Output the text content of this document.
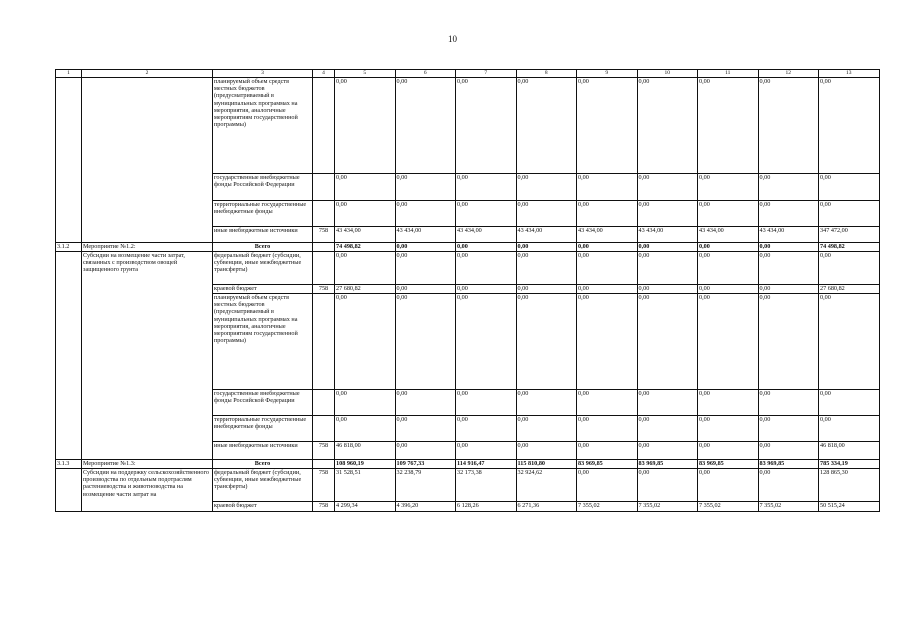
10
1	2	3	4	5	6	7	8	9	10	11	12	13
		планируемый объем средств местных бюджетов (предусматриваемый в муниципальных программах на мероприятия, аналогичные мероприятиям государственной программы)		0,00	0,00	0,00	0,00	0,00	0,00	0,00	0,00	0,00
		государственные внебюджетные фонды Российской Федерации		0,00	0,00	0,00	0,00	0,00	0,00	0,00	0,00	0,00
		территориальные государственные внебюджетные фонды		0,00	0,00	0,00	0,00	0,00	0,00	0,00	0,00	0,00
		иные внебюджетные источники	758	43 434,00	43 434,00	43 434,00	43 434,00	43 434,00	43 434,00	43 434,00	43 434,00	347 472,00
3.1.2	Мероприятие №1.2:	Всего		74 498,82	0,00	0,00	0,00	0,00	0,00	0,00	0,00	74 498,82
	Субсидии на возмещение части затрат, связанных с производством овощей защищенного грунта	федеральный бюджет (субсидии, субвенции, иные межбюджетные трансферты)		0,00	0,00	0,00	0,00	0,00	0,00	0,00	0,00	0,00
		краевой бюджет	758	27 680,82	0,00	0,00	0,00	0,00	0,00	0,00	0,00	27 680,82
		планируемый объем средств местных бюджетов (предусматриваемый в муниципальных программах на мероприятия, аналогичные мероприятиям государственной программы)		0,00	0,00	0,00	0,00	0,00	0,00	0,00	0,00	0,00
		государственные внебюджетные фонды Российской Федерации		0,00	0,00	0,00	0,00	0,00	0,00	0,00	0,00	0,00
		территориальные государственные внебюджетные фонды		0,00	0,00	0,00	0,00	0,00	0,00	0,00	0,00	0,00
		иные внебюджетные источники	758	46 818,00	0,00	0,00	0,00	0,00	0,00	0,00	0,00	46 818,00
3.1.3	Мероприятие №1.3:	Всего		108 960,19	109 767,33	114 916,47	115 810,80	83 969,85	83 969,85	83 969,85	83 969,85	785 334,19
	Субсидии на поддержку сельскохозяйственного производства по отдельным подотраслям растениеводства и животноводства на возмещение части затрат на	федеральный бюджет (субсидии, субвенции, иные межбюджетные трансферты)	758	31 528,51	32 238,79	32 173,38	32 924,62	0,00	0,00	0,00	0,00	128 865,30
		краевой бюджет	758	4 299,34	4 396,20	6 128,26	6 271,36	7 355,02	7 355,02	7 355,02	7 355,02	50 515,24
